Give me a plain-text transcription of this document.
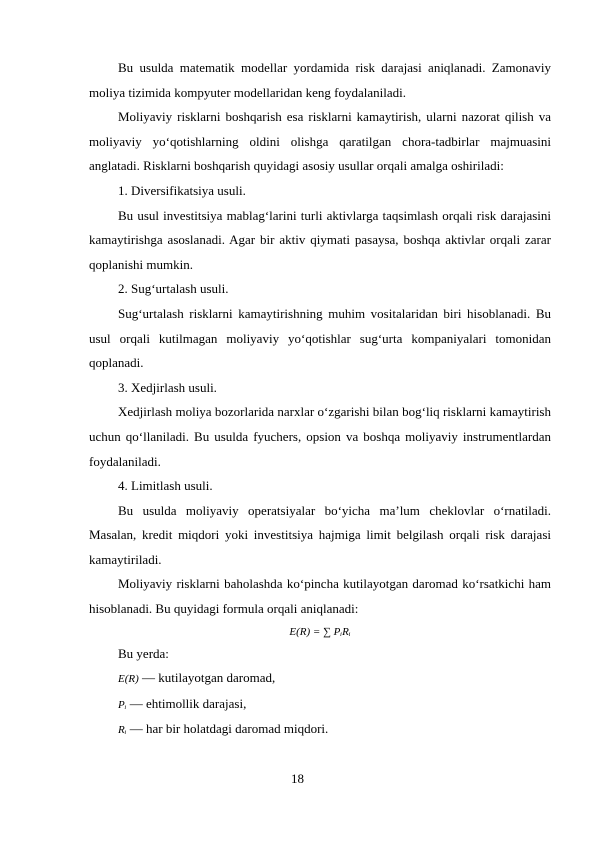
Bu usulda matematik modellar yordamida risk darajasi aniqlanadi. Zamonaviy moliya tizimida kompyuter modellaridan keng foydalaniladi.

Moliyaviy risklarni boshqarish esa risklarni kamaytirish, ularni nazorat qilish va moliyaviy yo‘qotishlarning oldini olishga qaratilgan chora-tadbirlar majmuasini anglatadi. Risklarni boshqarish quyidagi asosiy usullar orqali amalga oshiriladi:

1. Diversifikatsiya usuli.

Bu usul investitsiya mablag‘larini turli aktivlarga taqsimlash orqali risk darajasini kamaytirishga asoslanadi. Agar bir aktiv qiymati pasaysa, boshqa aktivlar orqali zarar qoplanishi mumkin.

2. Sug‘urtalash usuli.

Sug‘urtalash risklarni kamaytirishning muhim vositalaridan biri hisoblanadi. Bu usul orqali kutilmagan moliyaviy yo‘qotishlar sug‘urta kompaniyalari tomonidan qoplanadi.

3. Xedjirlash usuli.

Xedjirlash moliya bozorlarida narxlar o‘zgarishi bilan bog‘liq risklarni kamaytirish uchun qo‘llaniladi. Bu usulda fyuchers, opsion va boshqa moliyaviy instrumentlardan foydalaniladi.

4. Limitlash usuli.

Bu usulda moliyaviy operatsiyalar bo‘yicha ma’lum cheklovlar o‘rnatiladi. Masalan, kredit miqdori yoki investitsiya hajmiga limit belgilash orqali risk darajasi kamaytiriladi.

Moliyaviy risklarni baholashda ko‘pincha kutilayotgan daromad ko‘rsatkichi ham hisoblanadi. Bu quyidagi formula orqali aniqlanadi:

E(R) = ∑ PᵢRᵢ

Bu yerda:

E(R) — kutilayotgan daromad,

Pᵢ — ehtimollik darajasi,

Rᵢ — har bir holatdagi daromad miqdori.

18
